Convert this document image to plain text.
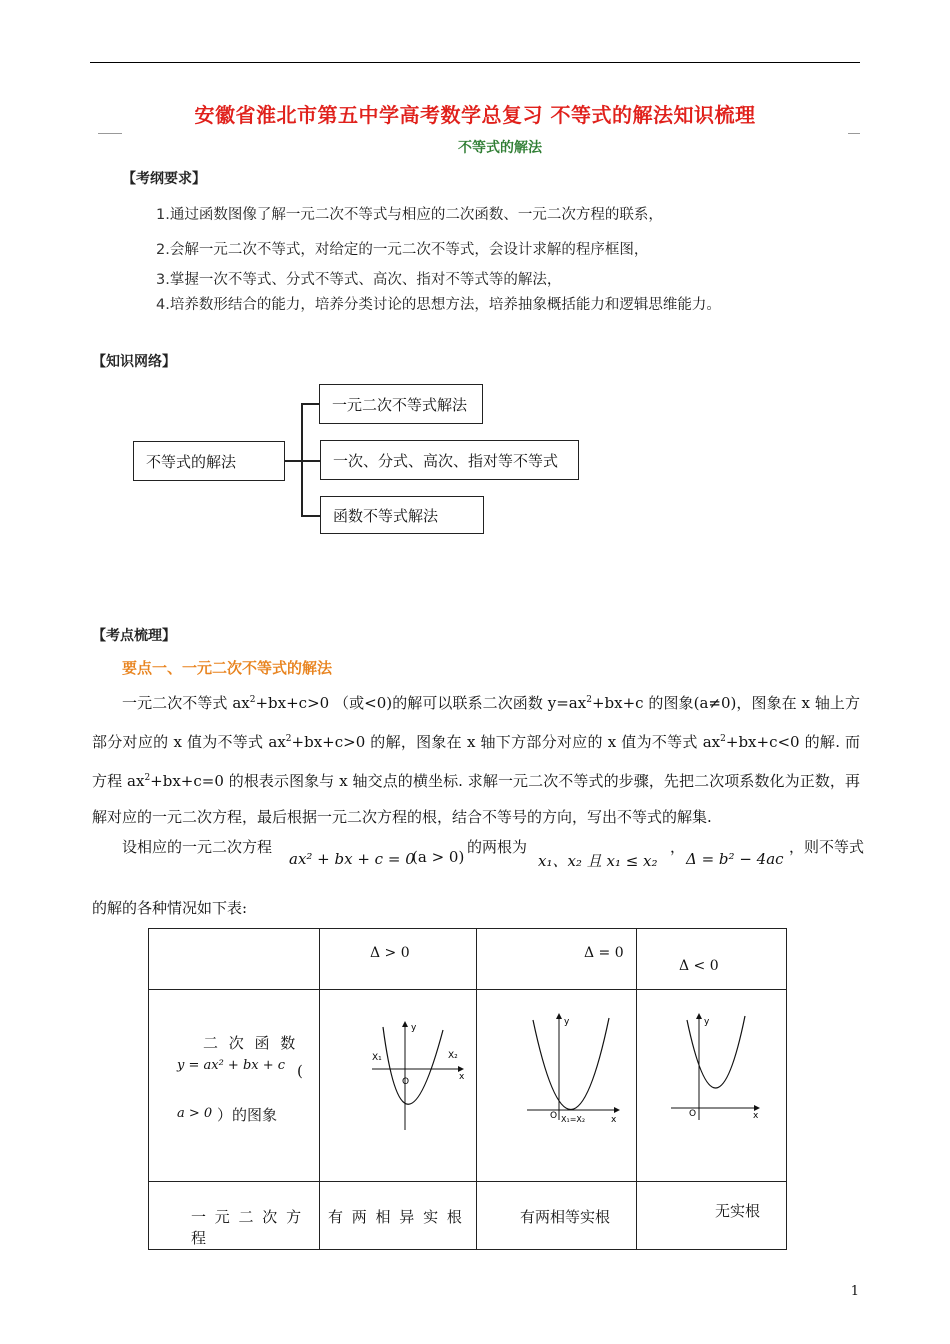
安徽省淮北市第五中学高考数学总复习 不等式的解法知识梳理
不等式的解法
【考纲要求】
1.通过函数图像了解一元二次不等式与相应的二次函数、一元二次方程的联系，
2.会解一元二次不等式，对给定的一元二次不等式，会设计求解的程序框图，
3.掌握一次不等式、分式不等式、高次、指对不等式等的解法，
4.培养数形结合的能力，培养分类讨论的思想方法，培养抽象概括能力和逻辑思维能力。
【知识网络】
不等式的解法
一元二次不等式解法
一次、分式、高次、指对等不等式
函数不等式解法
【考点梳理】
要点一、一元二次不等式的解法
一元二次不等式 $ax^2+bx+c>0$ （或<0)的解可以联系二次函数 $y=ax^2+bx+c$ 的图象(a≠0)，图象在 x 轴上方部分对应的 x 值为不等式 $ax^2+bx+c>0$ 的解，图象在 x 轴下方部分对应的 x 值为不等式 $ax^2+bx+c<0$ 的解. 而方程 $ax^2+bx+c=0$ 的根表示图象与 x 轴交点的横坐标. 求解一元二次不等式的步骤，先把二次项系数化为正数，再解对应的一元二次方程，最后根据一元二次方程的根，结合不等号的方向，写出不等式的解集.
设相应的一元二次方程
ax² + bx + c = 0
(a > 0)
的两根为
x₁、x₂ 且 x₁ ≤ x₂
，
Δ = b² − 4ac
，则不等式
的解的各种情况如下表:

	Δ > 0	Δ = 0	Δ < 0

二 次 函 数
y = ax² + bx + c (
a > 0 ）的图象	y
x
O
X₁ X₂	y
x
O X₁=X₂	y
x
O

一 元 二 次 方 程	有 两 相 异 实 根	有两相等实根	无实根
1
